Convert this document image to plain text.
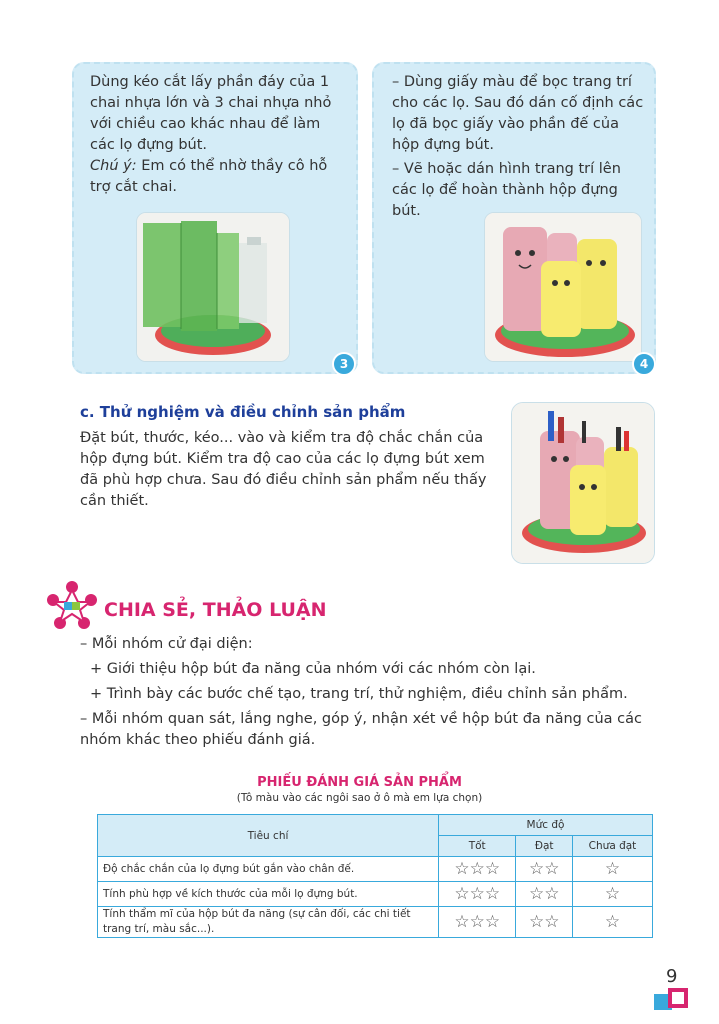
Dùng kéo cắt lấy phần đáy của 1 chai nhựa lớn và 3 chai nhựa nhỏ với chiều cao khác nhau để làm các lọ đựng bút.

Chú ý: Em có thể nhờ thầy cô hỗ trợ cắt chai.

3

– Dùng giấy màu để bọc trang trí cho các lọ. Sau đó dán cố định các lọ đã bọc giấy vào phần đế của hộp đựng bút.

– Vẽ hoặc dán hình trang trí lên các lọ để hoàn thành hộp đựng bút.

4
c. Thử nghiệm và điều chỉnh sản phẩm
Đặt bút, thước, kéo... vào và kiểm tra độ chắc chắn của hộp đựng bút. Kiểm tra độ cao của các lọ đựng bút xem đã phù hợp chưa. Sau đó điều chỉnh sản phẩm nếu thấy cần thiết.
CHIA SẺ, THẢO LUẬN

– Mỗi nhóm cử đại diện:

+ Giới thiệu hộp bút đa năng của nhóm với các nhóm còn lại.

+ Trình bày các bước chế tạo, trang trí, thử nghiệm, điều chỉnh sản phẩm.

– Mỗi nhóm quan sát, lắng nghe, góp ý, nhận xét về hộp bút đa năng của các nhóm khác theo phiếu đánh giá.

PHIẾU ĐÁNH GIÁ SẢN PHẨM
(Tô màu vào các ngôi sao ở ô mà em lựa chọn)
Tiêu chí	Mức độ		
	Tốt	Đạt	Chưa đạt
Độ chắc chắn của lọ đựng bút gắn vào chân đế.	☆☆☆	☆☆	☆
Tính phù hợp về kích thước của mỗi lọ đựng bút.	☆☆☆	☆☆	☆
Tính thẩm mĩ của hộp bút đa năng (sự cân đối, các chi tiết trang trí, màu sắc...).	☆☆☆	☆☆	☆
9
